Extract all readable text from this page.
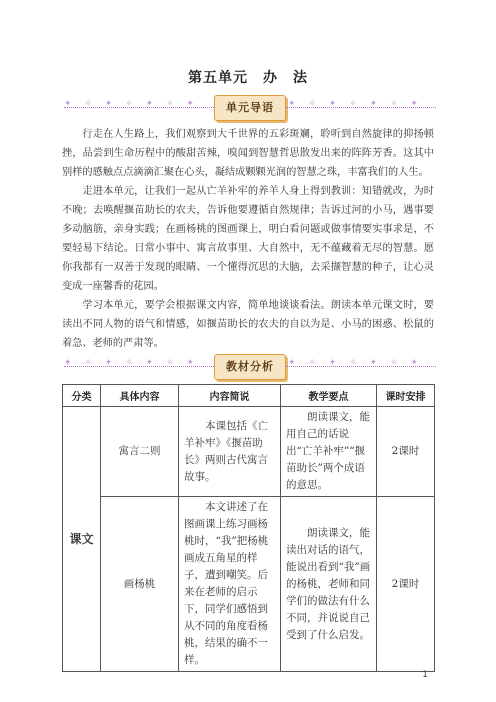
第五单元　办　法
✦ ✧ ✦ ✧ ✦ ✧ ✦	单元导语	✦ ✧ ✦ ✧ ✦ ✧ ✦

行走在人生路上，我们观察到大千世界的五彩斑斓，聆听到自然旋律的抑扬顿挫，品尝到生命历程中的酸甜苦辣，嗅闻到智慧哲思散发出来的阵阵芳香。这其中别样的感触点点滴滴汇聚在心头，凝结成颗颗光润的智慧之珠，丰富我们的人生。

走进本单元，让我们一起从亡羊补牢的养羊人身上得到教训：知错就改，为时不晚；去唤醒揠苗助长的农夫，告诉他要遵循自然规律；告诉过河的小马，遇事要多动脑筋，亲身实践；在画杨桃的图画课上，明白看问题或做事情要实事求是，不要轻易下结论。日常小事中、寓言故事里、大自然中，无不蕴藏着无尽的智慧。愿你我都有一双善于发现的眼睛、一个懂得沉思的大脑，去采撷智慧的种子，让心灵变成一座馨香的花园。

学习本单元，要学会根据课文内容，简单地谈谈看法。朗读本单元课文时，要读出不同人物的语气和情感，如揠苗助长的农夫的自以为是、小马的困惑、松鼠的着急、老师的严肃等。

✦ ✧ ✦ ✧ ✦ ✧ ✦	教材分析	✦ ✧ ✦ ✧ ✦ ✧ ✦
分类	具体内容	内容简说	教学要点	课时安排
课文	寓言二则	本课包括《亡羊补牢》《揠苗助长》两则古代寓言故事。	朗读课文，能用自己的话说出“亡羊补牢”“揠苗助长”两个成语的意思。	2课时
	画杨桃	本文讲述了在图画课上练习画杨桃时，“我”把杨桃画成五角星的样子，遭到嘲笑。后来在老师的启示下，同学们感悟到从不同的角度看杨桃，结果的确不一样。	朗读课文，能读出对话的语气，能说出看到“我”画的杨桃，老师和同学们的做法有什么不同，并说说自己受到了什么启发。	2课时
1
